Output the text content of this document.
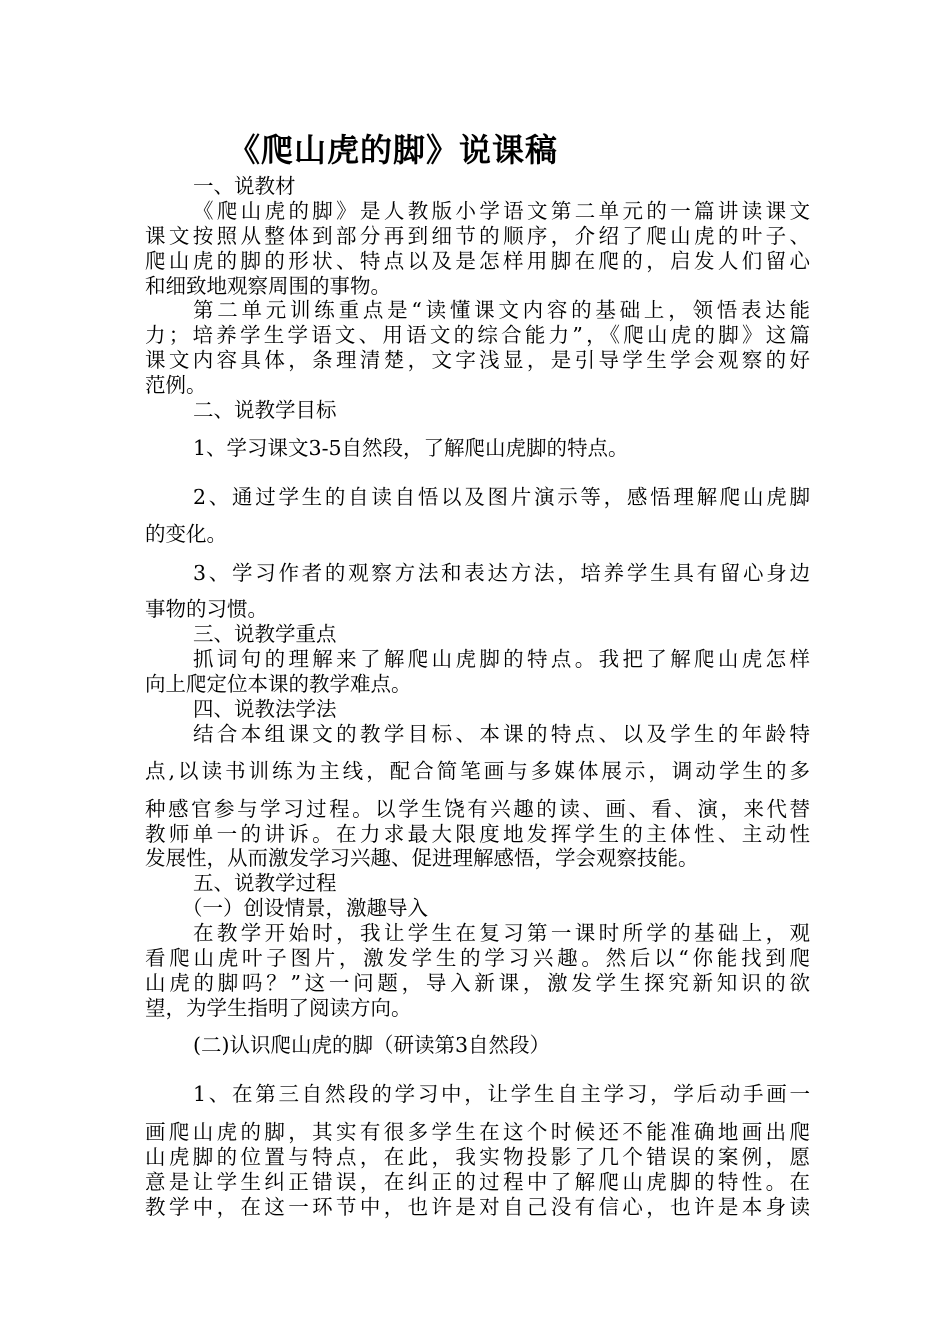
《爬山虎的脚》说课稿
一、说教材
《爬山虎的脚》是人教版小学语文第二单元的一篇讲读课文
课文按照从整体到部分再到细节的顺序，介绍了爬山虎的叶子、
爬山虎的脚的形状、特点以及是怎样用脚在爬的，启发人们留心
和细致地观察周围的事物。
第二单元训练重点是“读懂课文内容的基础上，领悟表达能
力；培养学生学语文、用语文的综合能力”，《爬山虎的脚》这篇
课文内容具体，条理清楚，文字浅显，是引导学生学会观察的好
范例。
二、说教学目标
1、学习课文3-5自然段，了解爬山虎脚的特点。
2、通过学生的自读自悟以及图片演示等，感悟理解爬山虎脚
的变化。
3、学习作者的观察方法和表达方法，培养学生具有留心身边
事物的习惯。
三、说教学重点
抓词句的理解来了解爬山虎脚的特点。我把了解爬山虎怎样
向上爬定位本课的教学难点。
四、说教法学法
结合本组课文的教学目标、本课的特点、以及学生的年龄特
点,以读书训练为主线，配合简笔画与多媒体展示，调动学生的多
种感官参与学习过程。以学生饶有兴趣的读、画、看、演，来代替
教师单一的讲诉。在力求最大限度地发挥学生的主体性、主动性
发展性，从而激发学习兴趣、促进理解感悟，学会观察技能。
五、说教学过程
（一）创设情景，激趣导入
在教学开始时，我让学生在复习第一课时所学的基础上，观
看爬山虎叶子图片，激发学生的学习兴趣。然后以“你能找到爬
山虎的脚吗？”这一问题，导入新课，激发学生探究新知识的欲
望，为学生指明了阅读方向。
(二)认识爬山虎的脚（研读第3自然段）
1、在第三自然段的学习中，让学生自主学习，学后动手画一
画爬山虎的脚，其实有很多学生在这个时候还不能准确地画出爬
山虎脚的位置与特点，在此，我实物投影了几个错误的案例，愿
意是让学生纠正错误，在纠正的过程中了解爬山虎脚的特性。在
教学中，在这一环节中，也许是对自己没有信心，也许是本身读
